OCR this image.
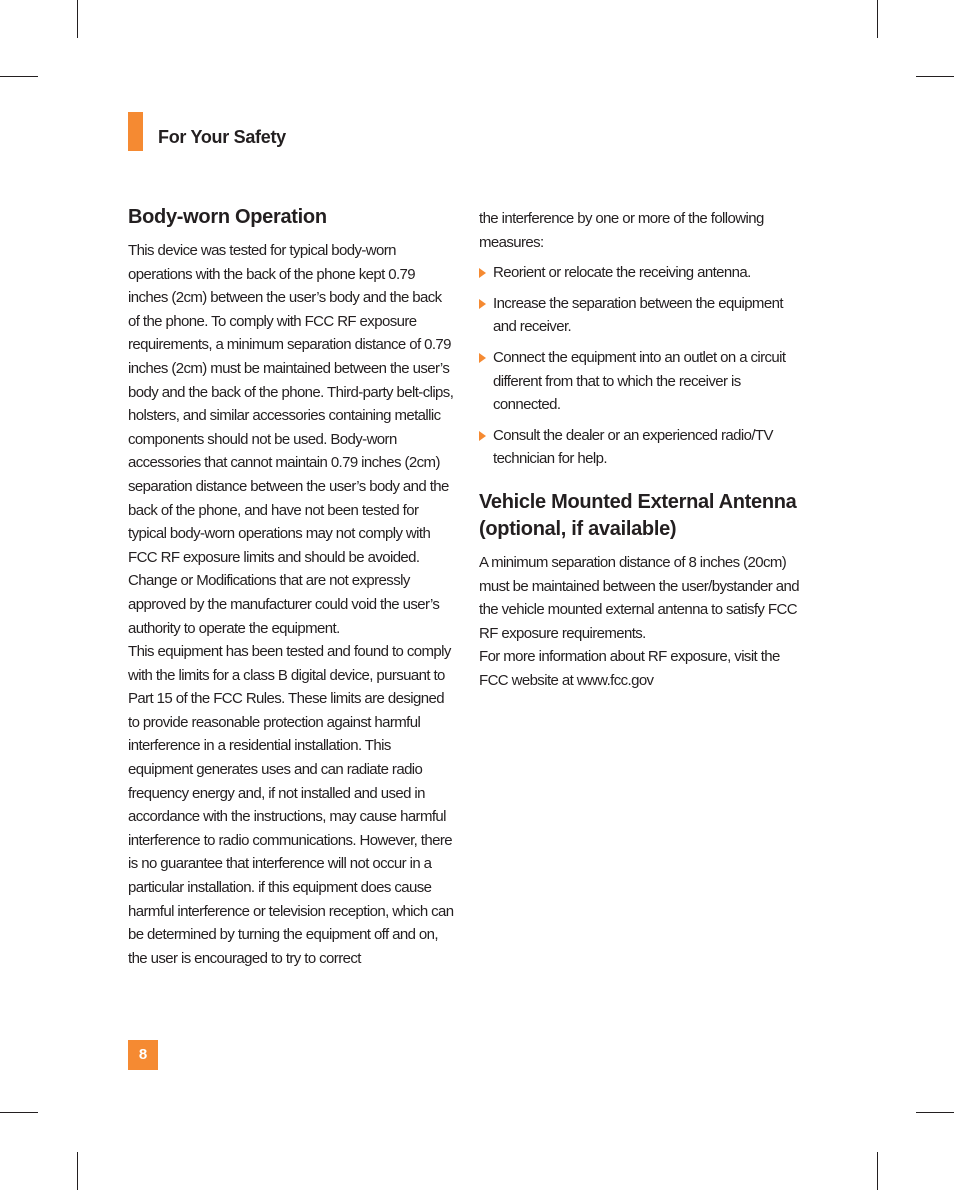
For Your Safety
Body-worn Operation

This device was tested for typical body-worn operations with the back of the phone kept 0.79 inches (2cm) between the user’s body and the back of the phone. To comply with FCC RF exposure requirements, a minimum separation distance of 0.79 inches (2cm) must be maintained between the user’s body and the back of the phone. Third-party belt-clips, holsters, and similar accessories containing metallic components should not be used. Body-worn accessories that cannot maintain 0.79 inches (2cm) separation distance between the user’s body and the back of the phone, and have not been tested for typical body-worn operations may not comply with FCC RF exposure limits and should be avoided.

Change or Modifications that are not expressly approved by the manufacturer could void the user’s authority to operate the equipment.

This equipment has been tested and found to comply with the limits for a class B digital device, pursuant to Part 15 of the FCC Rules. These limits are designed to provide reasonable protection against harmful interference in a residential installation. This equipment generates uses and can radiate radio frequency energy and, if not installed and used in accordance with the instructions, may cause harmful interference to radio communications. However, there is no guarantee that interference will not occur in a particular installation. if this equipment does cause harmful interference or television reception, which can be determined by turning the equipment off and on, the user is encouraged to try to correct

the interference by one or more of the following measures:

Reorient or relocate the receiving antenna.
Increase the separation between the equipment and receiver.
Connect the equipment into an outlet on a circuit different from that to which the receiver is connected.
Consult the dealer or an experienced radio/TV technician for help.
Vehicle Mounted External Antenna (optional, if available)

A minimum separation distance of 8 inches (20cm) must be maintained between the user/bystander and the vehicle mounted external antenna to satisfy FCC RF exposure requirements.

For more information about RF exposure, visit the FCC website at www.fcc.gov

8
